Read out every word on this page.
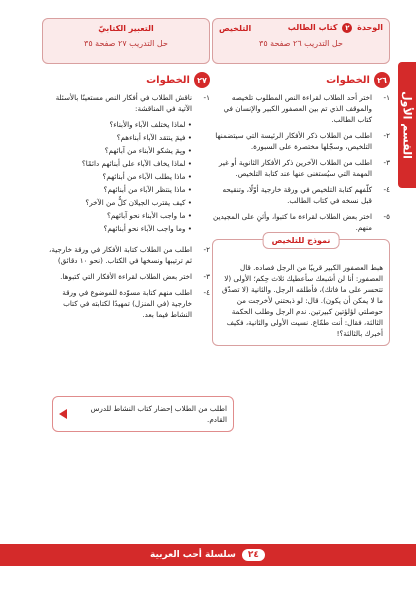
القسم الأول
الوحدة ٢ كتاب الطالب
التلخيص
حل التدريب ٢٦ صفحة ٣٥
٢٦
الخطوات
١-
اختر أحد الطلاب لقراءة النص المطلوب تلخيصه والموقف الذي تم بين العصفور الكبير والإنسان في كتاب الطالب.
٢-
اطلب من الطلاب ذكر الأفكار الرئيسة التي سيتضمنها التلخيص، وسجّلها مختصرة على السبورة.
٣-
اطلب من الطلاب الآخرين ذكر الأفكار الثانوية أو غير المهمة التي سيُستغنى عنها عند كتابة التلخيص.
٤-
كلّفهم كتابة التلخيص في ورقة خارجية أوّلًا، وتنقيحه قبل نسخه في كتاب الطالب.
٥-
اختر بعض الطلاب لقراءة ما كتبوا، وأثنِ على المجيدين منهم.
نموذج للتلخيص
هبط العصفور الكبير قريبًا من الرجل فصاده. قال العصفور: أنا لن أشبعك سأعطيك ثلاث حِكم؛ الأولى (لا تتحسر على ما فاتك)، فأطلقه الرجل. والثانية (لا تصدّق ما لا يمكن أن يكون). قال: لو ذبحتني لأخرجت من حوصلتي لؤلؤتين كبيرتين. ندم الرجل وطلب الحكمة الثالثة، فقال: أنت طمّاع. نسيت الأولى والثانية، فكيف أخبرك بالثالثة؟!
التعبير الكتابيّ
حل التدريب ٢٧ صفحة ٣٥
٢٧
الخطوات
١-
ناقش الطلاب في أفكار النص مستعينًا بالأسئلة الآتية في المناقشة:
• لماذا يختلف الآباء والأبناء؟
• فيمَ ينتقد الآباء أبناءهم؟
• وبِمَ يشكو الأبناء من آبائهم؟
• لماذا يخاف الآباء على أبنائهم دائمًا؟
• ماذا يطلب الآباء من أبنائهم؟
• ماذا ينتظر الآباء من أبنائهم؟
• كيف يقترب الجيلان كلٌّ من الآخر؟
• ما واجب الأبناء نحو آبائهم؟
• وما واجب الآباء نحو أبنائهم؟
٢-
اطلب من الطلاب كتابة الأفكار في ورقة خارجية، ثم ترتيبها ونسخها في الكتاب. (نحو ١٠ دقائق)
٣-
اختر بعض الطلاب لقراءة الأفكار التي كتبوها.
٤-
اطلب منهم كتابة مسوّدة للموضوع في ورقة خارجية (في المنزل) تمهيدًا لكتابته في كتاب النشاط فيما بعد.
اطلب من الطلاب إحضار كتاب النشاط للدرس القادم.
٢٤
سلسلة أحب العربية
